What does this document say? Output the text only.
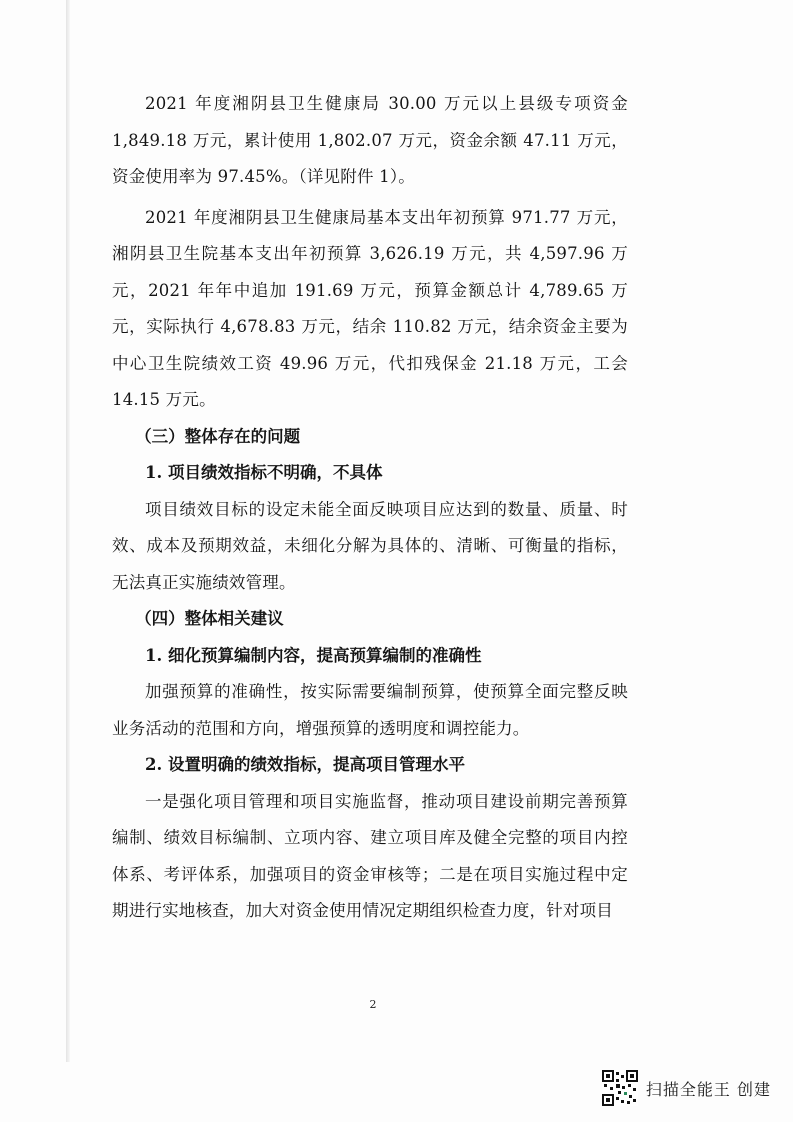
2021 年度湘阴县卫生健康局 30.00 万元以上县级专项资金 1,849.18 万元，累计使用 1,802.07 万元，资金余额 47.11 万元，资金使用率为 97.45%。（详见附件 1）。

2021 年度湘阴县卫生健康局基本支出年初预算 971.77 万元，湘阴县卫生院基本支出年初预算 3,626.19 万元，共 4,597.96 万元，2021 年年中追加 191.69 万元，预算金额总计 4,789.65 万元，实际执行 4,678.83 万元，结余 110.82 万元，结余资金主要为中心卫生院绩效工资 49.96 万元，代扣残保金 21.18 万元，工会 14.15 万元。

（三）整体存在的问题

1. 项目绩效指标不明确，不具体

项目绩效目标的设定未能全面反映项目应达到的数量、质量、时效、成本及预期效益，未细化分解为具体的、清晰、可衡量的指标，无法真正实施绩效管理。

（四）整体相关建议

1. 细化预算编制内容，提高预算编制的准确性

加强预算的准确性，按实际需要编制预算，使预算全面完整反映业务活动的范围和方向，增强预算的透明度和调控能力。

2. 设置明确的绩效指标，提高项目管理水平

一是强化项目管理和项目实施监督，推动项目建设前期完善预算编制、绩效目标编制、立项内容、建立项目库及健全完整的项目内控体系、考评体系，加强项目的资金审核等；二是在项目实施过程中定期进行实地核查，加大对资金使用情况定期组织检查力度，针对项目

2
扫描全能王 创建
